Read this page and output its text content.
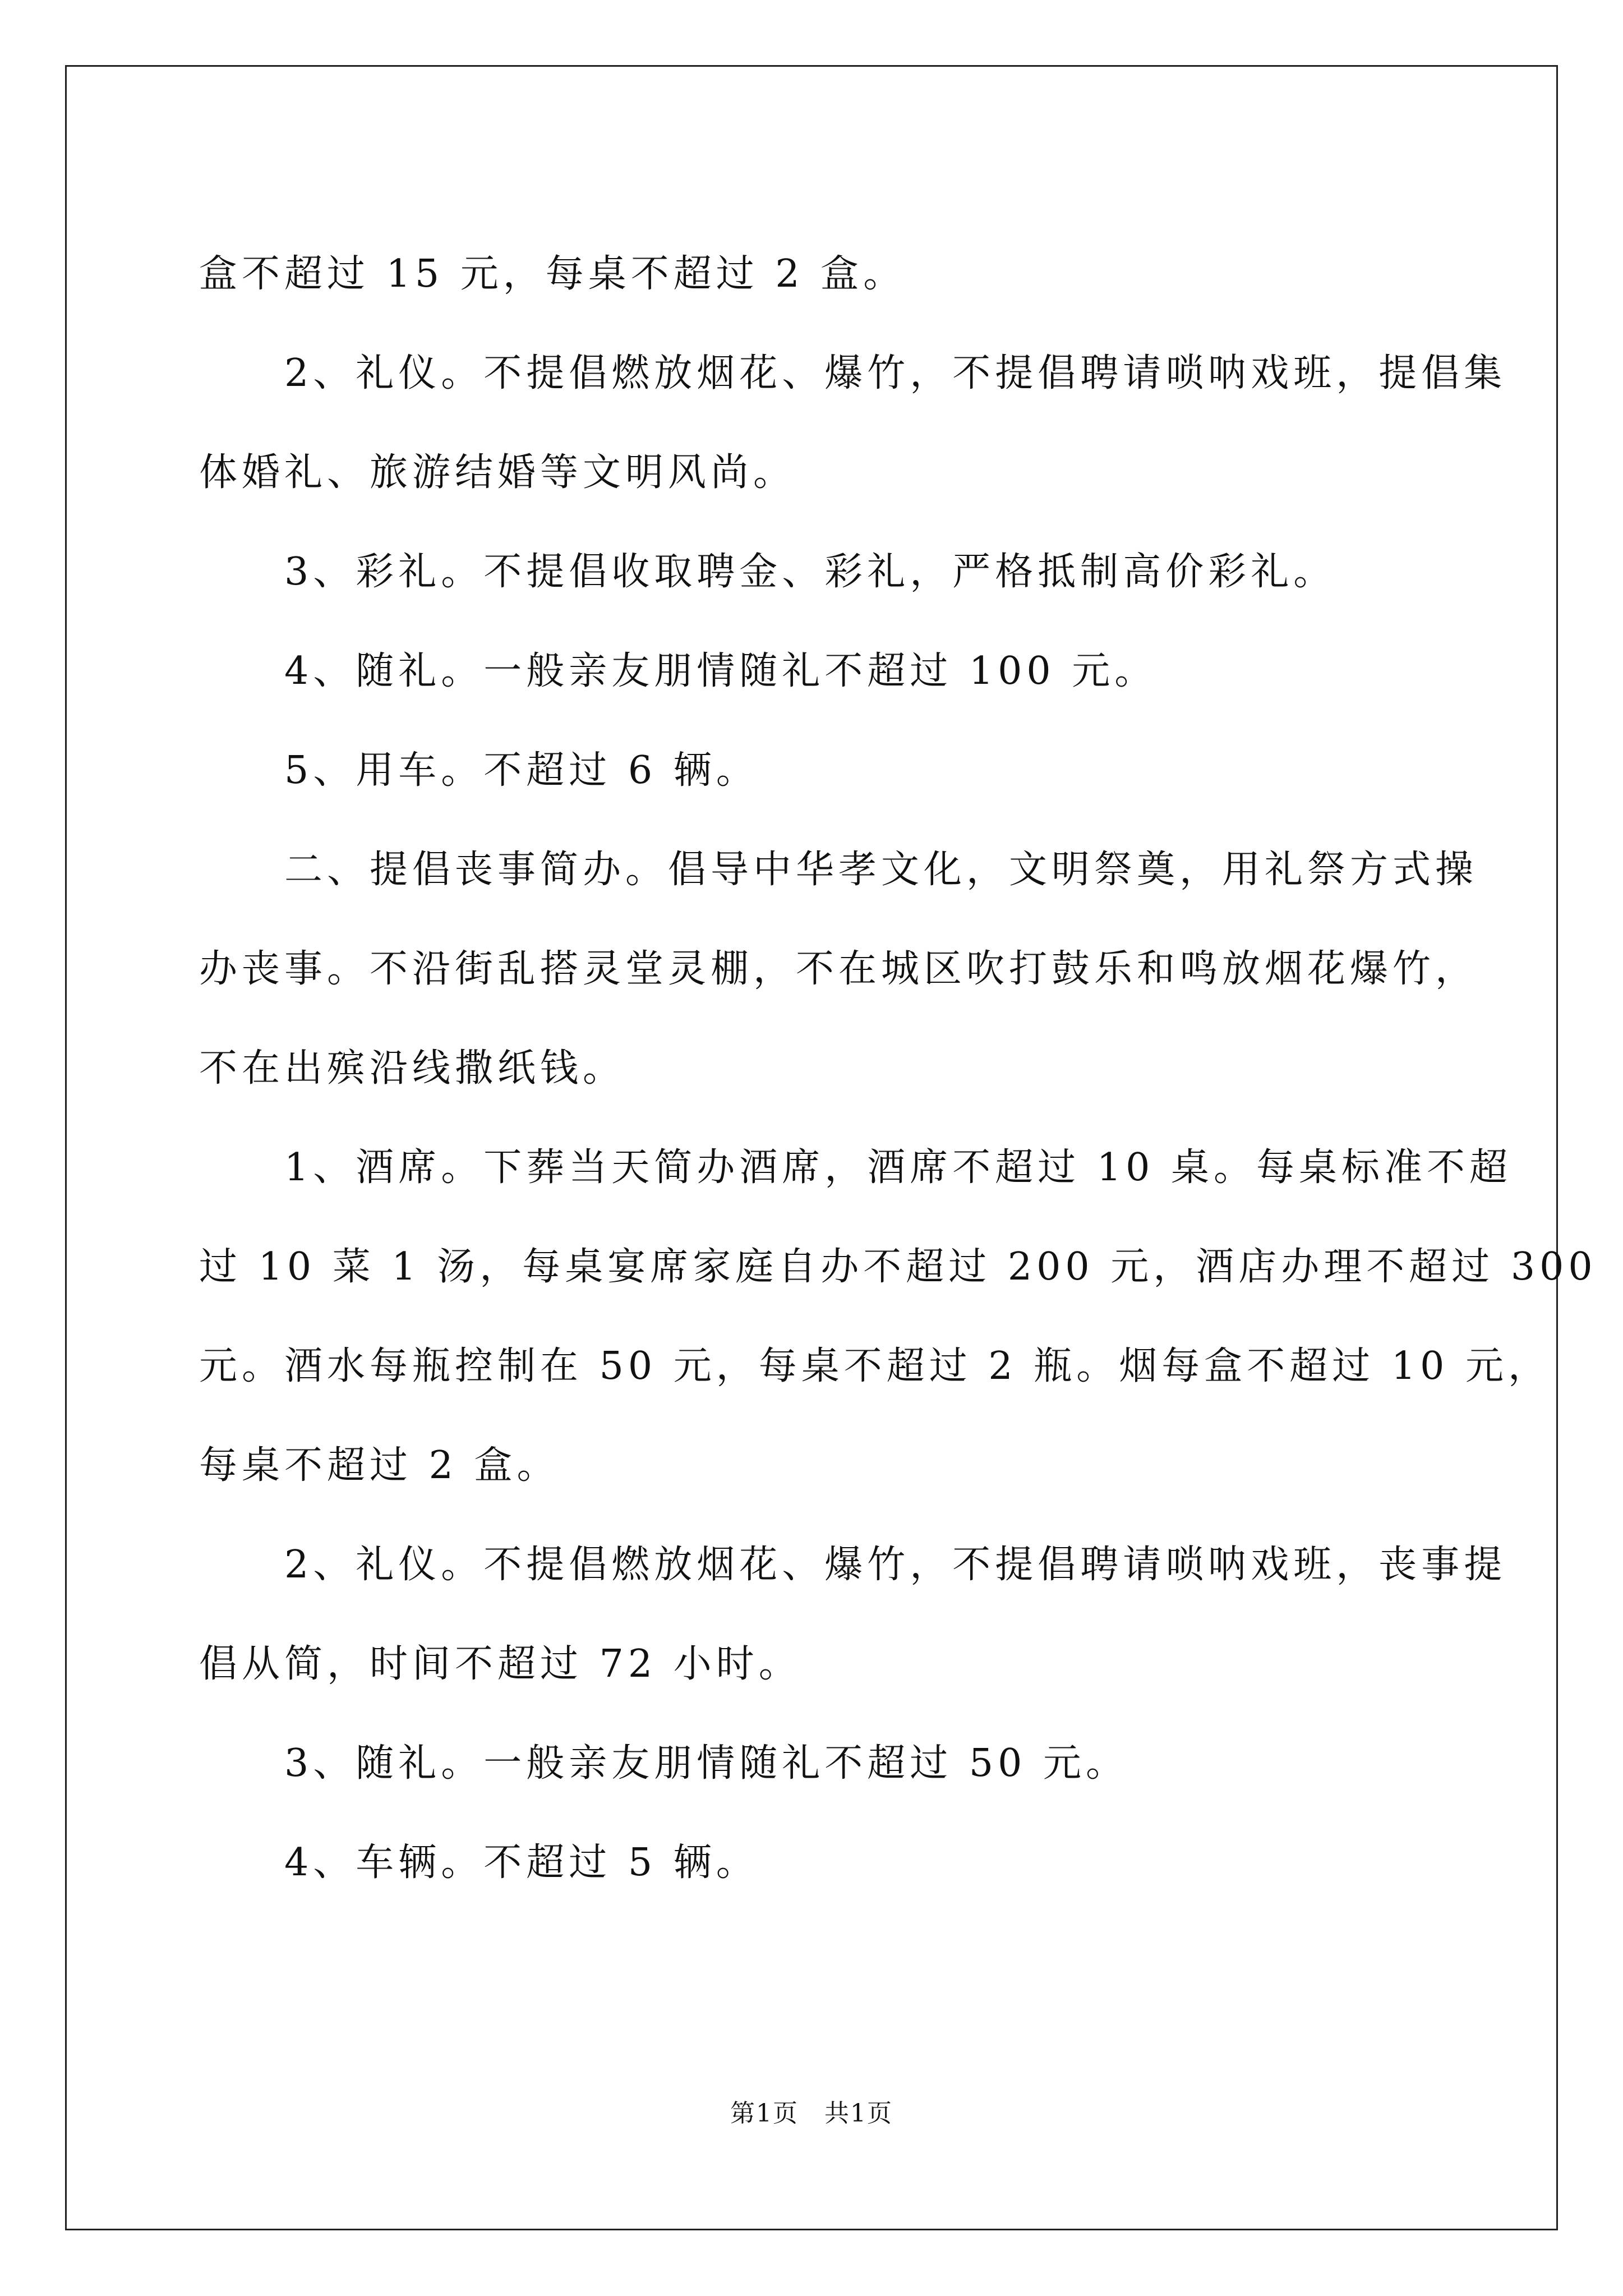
盒不超过 15 元，每桌不超过 2 盒。

　　2、礼仪。不提倡燃放烟花、爆竹，不提倡聘请唢呐戏班，提倡集

体婚礼、旅游结婚等文明风尚。

　　3、彩礼。不提倡收取聘金、彩礼，严格抵制高价彩礼。

　　4、随礼。一般亲友朋情随礼不超过 100 元。

　　5、用车。不超过 6 辆。

　　二、提倡丧事简办。倡导中华孝文化，文明祭奠，用礼祭方式操

办丧事。不沿街乱搭灵堂灵棚，不在城区吹打鼓乐和鸣放烟花爆竹，

不在出殡沿线撒纸钱。

　　1、酒席。下葬当天简办酒席，酒席不超过 10 桌。每桌标准不超

过 10 菜 1 汤，每桌宴席家庭自办不超过 200 元，酒店办理不超过 300

元。酒水每瓶控制在 50 元，每桌不超过 2 瓶。烟每盒不超过 10 元，

每桌不超过 2 盒。

　　2、礼仪。不提倡燃放烟花、爆竹，不提倡聘请唢呐戏班，丧事提

倡从简，时间不超过 72 小时。

　　3、随礼。一般亲友朋情随礼不超过 50 元。

　　4、车辆。不超过 5 辆。

第1页　共1页
